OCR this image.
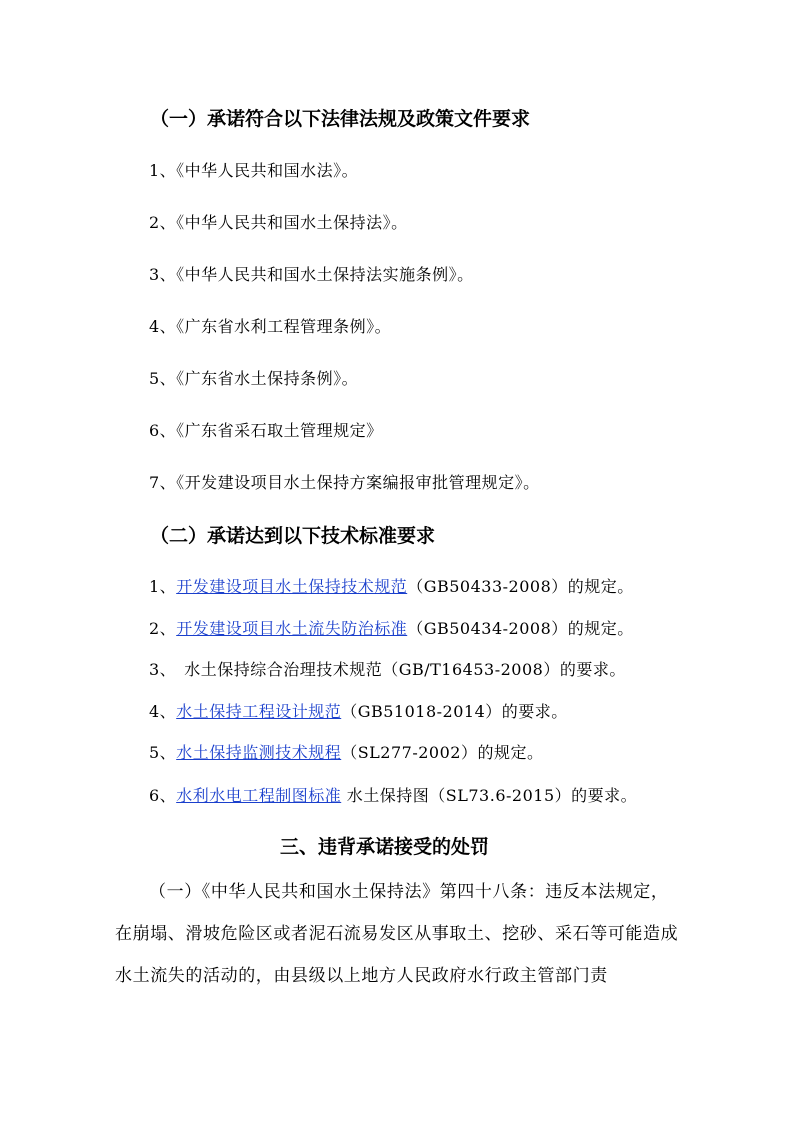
（一）承诺符合以下法律法规及政策文件要求
1、《中华人民共和国水法》。
2、《中华人民共和国水土保持法》。
3、《中华人民共和国水土保持法实施条例》。
4、《广东省水利工程管理条例》。
5、《广东省水土保持条例》。
6、《广东省采石取土管理规定》
7、《开发建设项目水土保持方案编报审批管理规定》。
（二）承诺达到以下技术标准要求
1、开发建设项目水土保持技术规范（GB50433-2008）的规定。
2、开发建设项目水土流失防治标准（GB50434-2008）的规定。
3、 水土保持综合治理技术规范（GB/T16453-2008）的要求。
4、水土保持工程设计规范（GB51018-2014）的要求。
5、水土保持监测技术规程（SL277-2002）的规定。
6、水利水电工程制图标准 水土保持图（SL73.6-2015）的要求。
三、违背承诺接受的处罚
（一）《中华人民共和国水土保持法》第四十八条：违反本法规定，在崩塌、滑坡危险区或者泥石流易发区从事取土、挖砂、采石等可能造成水土流失的活动的，由县级以上地方人民政府水行政主管部门责
